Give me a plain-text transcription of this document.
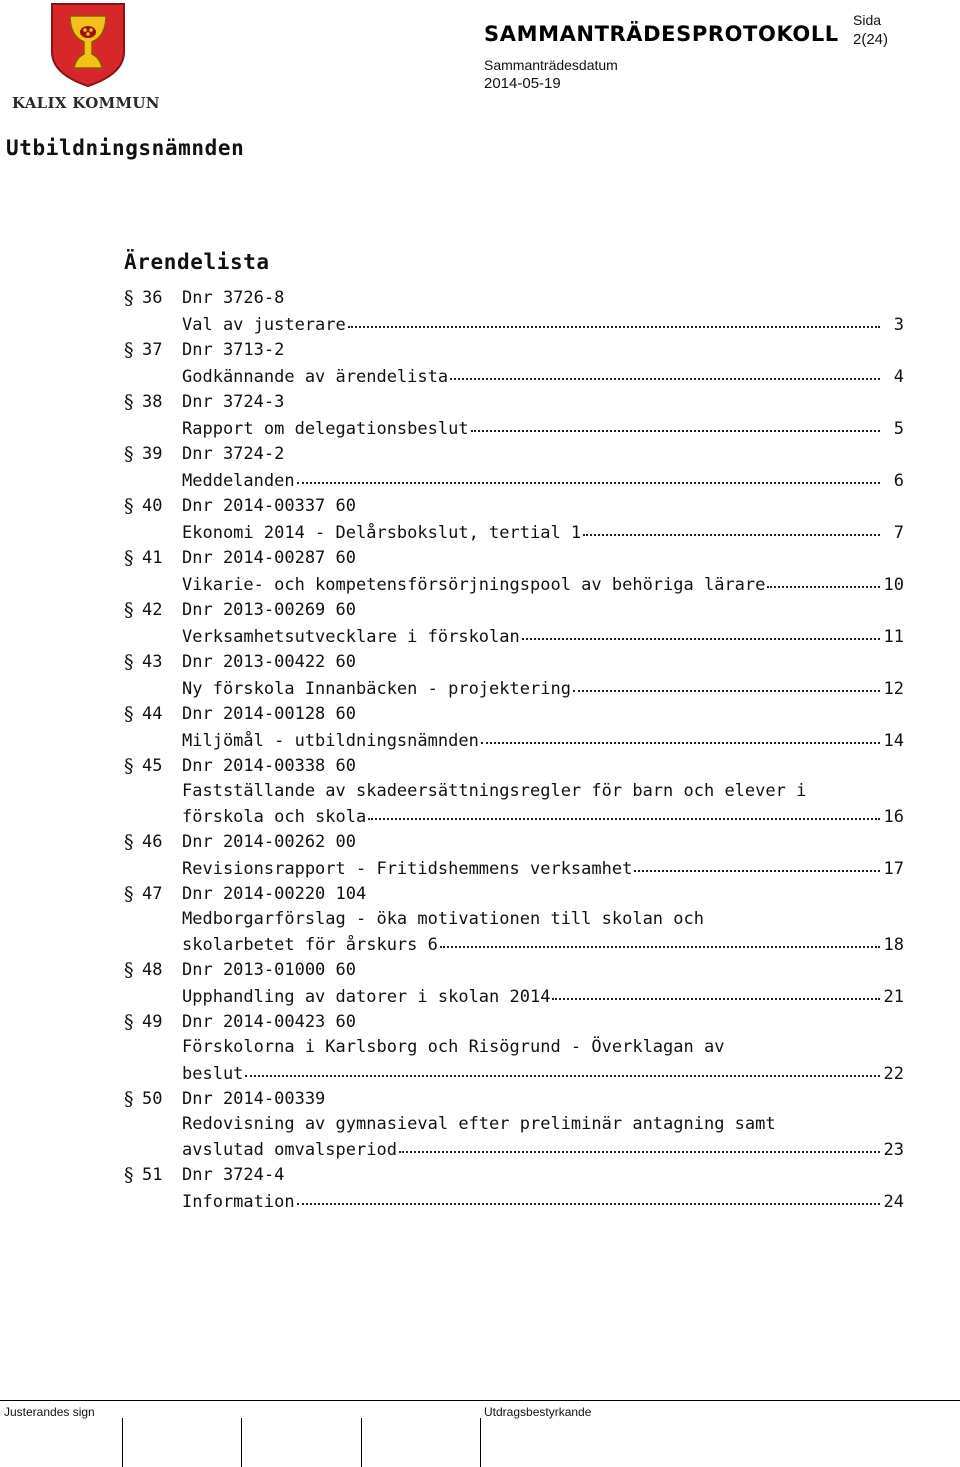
KALIX KOMMUN
SAMMANTRÄDESPROTOKOLL
Sida
2(24)
Sammanträdesdatum
2014-05-19
Utbildningsnämnden
Ärendelista
§ 36 Dnr 3726-8
Val av justerare	3
§ 37 Dnr 3713-2
Godkännande av ärendelista	4
§ 38 Dnr 3724-3
Rapport om delegationsbeslut	5
§ 39 Dnr 3724-2
Meddelanden	6
§ 40 Dnr 2014-00337 60
Ekonomi 2014 - Delårsbokslut, tertial 1	7
§ 41 Dnr 2014-00287 60
Vikarie- och kompetensförsörjningspool av behöriga lärare	10
§ 42 Dnr 2013-00269 60
Verksamhetsutvecklare i förskolan	11
§ 43 Dnr 2013-00422 60
Ny förskola Innanbäcken - projektering	12
§ 44 Dnr 2014-00128 60
Miljömål - utbildningsnämnden	14
§ 45 Dnr 2014-00338 60
Fastställande av skadeersättningsregler för barn och elever i
förskola och skola	16
§ 46 Dnr 2014-00262 00
Revisionsrapport - Fritidshemmens verksamhet	17
§ 47 Dnr 2014-00220 104
Medborgarförslag - öka motivationen till skolan och
skolarbetet för årskurs 6	18
§ 48 Dnr 2013-01000 60
Upphandling av datorer i skolan 2014	21
§ 49 Dnr 2014-00423 60
Förskolorna i Karlsborg och Risögrund - Överklagan av
beslut	22
§ 50 Dnr 2014-00339
Redovisning av gymnasieval efter preliminär antagning samt
avslutad omvalsperiod	23
§ 51 Dnr 3724-4
Information	24
Justerandes sign	Utdragsbestyrkande
